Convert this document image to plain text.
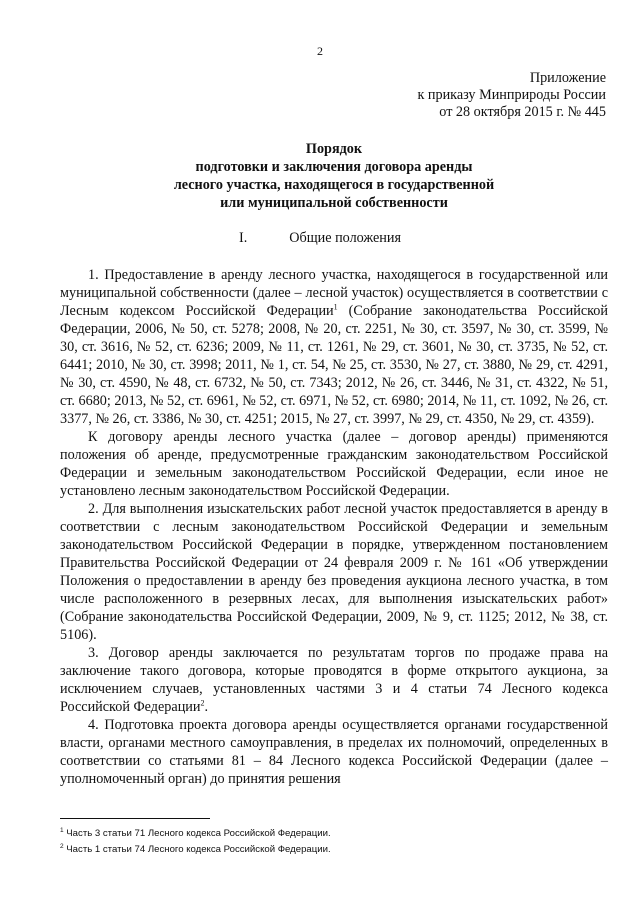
2
Приложение
к приказу Минприроды России
от 28 октября 2015 г. № 445
Порядок
подготовки и заключения договора аренды
лесного участка, находящегося в государственной
или муниципальной собственности
I.	Общие положения

1. Предоставление в аренду лесного участка, находящегося в государственной или муниципальной собственности (далее – лесной участок) осуществляется в соответствии с Лесным кодексом Российской Федерации$^1$ (Собрание законодательства Российской Федерации, 2006, № 50, ст. 5278; 2008, № 20, ст. 2251, № 30, ст. 3597, № 30, ст. 3599, № 30, ст. 3616, № 52, ст. 6236; 2009, № 11, ст. 1261, № 29, ст. 3601, № 30, ст. 3735, № 52, ст. 6441; 2010, № 30, ст. 3998; 2011, № 1, ст. 54, № 25, ст. 3530, № 27, ст. 3880, № 29, ст. 4291, № 30, ст. 4590, № 48, ст. 6732, № 50, ст. 7343; 2012, № 26, ст. 3446, № 31, ст. 4322, № 51, ст. 6680; 2013, № 52, ст. 6961, № 52, ст. 6971, № 52, ст. 6980; 2014, № 11, ст. 1092, № 26, ст. 3377, № 26, ст. 3386, № 30, ст. 4251; 2015, № 27, ст. 3997, № 29, ст. 4350, № 29, ст. 4359).

К договору аренды лесного участка (далее – договор аренды) применяются положения об аренде, предусмотренные гражданским законодательством Российской Федерации и земельным законодательством Российской Федерации, если иное не установлено лесным законодательством Российской Федерации.

2. Для выполнения изыскательских работ лесной участок предоставляется в аренду в соответствии с лесным законодательством Российской Федерации и земельным законодательством Российской Федерации в порядке, утвержденном постановлением Правительства Российской Федерации от 24 февраля 2009 г. № 161 «Об утверждении Положения о предоставлении в аренду без проведения аукциона лесного участка, в том числе расположенного в резервных лесах, для выполнения изыскательских работ» (Собрание законодательства Российской Федерации, 2009, № 9, ст. 1125; 2012, № 38, ст. 5106).

3. Договор аренды заключается по результатам торгов по продаже права на заключение такого договора, которые проводятся в форме открытого аукциона, за исключением случаев, установленных частями 3 и 4 статьи 74 Лесного кодекса Российской Федерации$^2$.

4. Подготовка проекта договора аренды осуществляется органами государственной власти, органами местного самоуправления, в пределах их полномочий, определенных в соответствии со статьями 81 – 84 Лесного кодекса Российской Федерации (далее – уполномоченный орган) до принятия решения

$^1$ Часть 3 статьи 71 Лесного кодекса Российской Федерации.
$^2$ Часть 1 статьи 74 Лесного кодекса Российской Федерации.
